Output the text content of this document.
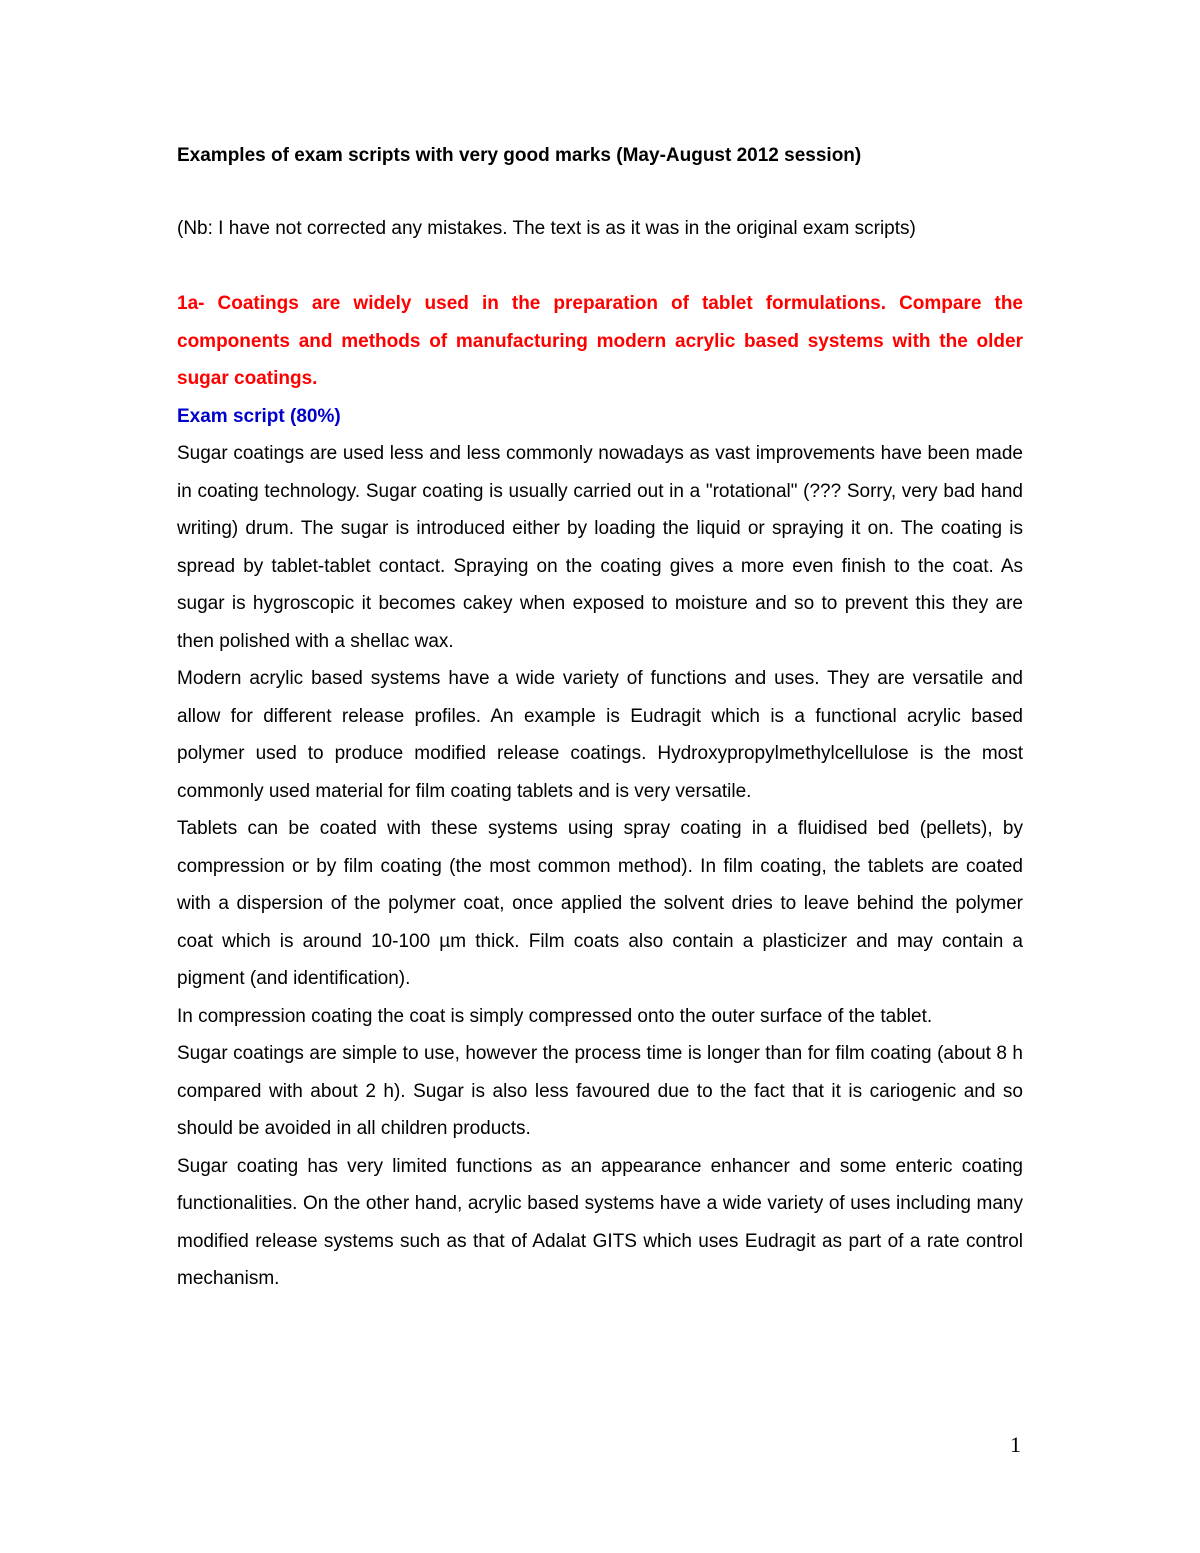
Examples of exam scripts with very good marks (May-August 2012 session)

(Nb: I have not corrected any mistakes. The text is as it was in the original exam scripts)

1a- Coatings are widely used in the preparation of tablet formulations. Compare the components and methods of manufacturing modern acrylic based systems with the older sugar coatings.

Exam script (80%)

Sugar coatings are used less and less commonly nowadays as vast improvements have been made in coating technology. Sugar coating is usually carried out in a "rotational" (??? Sorry, very bad hand writing) drum. The sugar is introduced either by loading the liquid or spraying it on. The coating is spread by tablet-tablet contact. Spraying on the coating gives a more even finish to the coat. As sugar is hygroscopic it becomes cakey when exposed to moisture and so to prevent this they are then polished with a shellac wax.

Modern acrylic based systems have a wide variety of functions and uses. They are versatile and allow for different release profiles. An example is Eudragit which is a functional acrylic based polymer used to produce modified release coatings. Hydroxypropylmethylcellulose is the most commonly used material for film coating tablets and is very versatile.

Tablets can be coated with these systems using spray coating in a fluidised bed (pellets), by compression or by film coating (the most common method). In film coating, the tablets are coated with a dispersion of the polymer coat, once applied the solvent dries to leave behind the polymer coat which is around 10-100 µm thick. Film coats also contain a plasticizer and may contain a pigment (and identification).

In compression coating the coat is simply compressed onto the outer surface of the tablet.

Sugar coatings are simple to use, however the process time is longer than for film coating (about 8 h compared with about 2 h). Sugar is also less favoured due to the fact that it is cariogenic and so should be avoided in all children products.

Sugar coating has very limited functions as an appearance enhancer and some enteric coating functionalities. On the other hand, acrylic based systems have a wide variety of uses including many modified release systems such as that of Adalat GITS which uses Eudragit as part of a rate control mechanism.

1
